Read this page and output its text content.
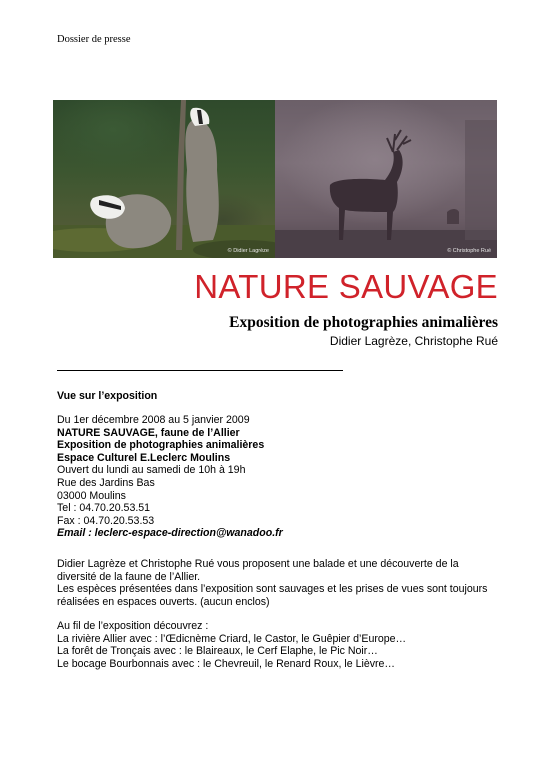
Dossier de presse
© Didier Lagrèze	© Christophe Rué
NATURE SAUVAGE
Exposition de photographies animalières
Didier Lagrèze, Christophe Rué
Vue sur l’exposition
Du 1er décembre 2008 au 5 janvier 2009
NATURE SAUVAGE, faune de l’Allier
Exposition de photographies animalières
Espace Culturel E.Leclerc Moulins
Ouvert du lundi au samedi de 10h à 19h
Rue des Jardins Bas
03000 Moulins
Tel : 04.70.20.53.51
Fax : 04.70.20.53.53
Email : leclerc-espace-direction@wanadoo.fr
Didier Lagrèze et Christophe Rué vous proposent une balade et une découverte de la
diversité de la faune de l’Allier.
Les espèces présentées dans l’exposition sont sauvages et les prises de vues sont toujours
réalisées en espaces ouverts. (aucun enclos)
Au fil de l’exposition découvrez :
La rivière Allier avec : l’Œdicnème Criard, le Castor, le Guêpier d’Europe…
La forêt de Tronçais avec : le Blaireaux, le Cerf Elaphe, le Pic Noir…
Le bocage Bourbonnais avec : le Chevreuil, le Renard Roux, le Lièvre…
